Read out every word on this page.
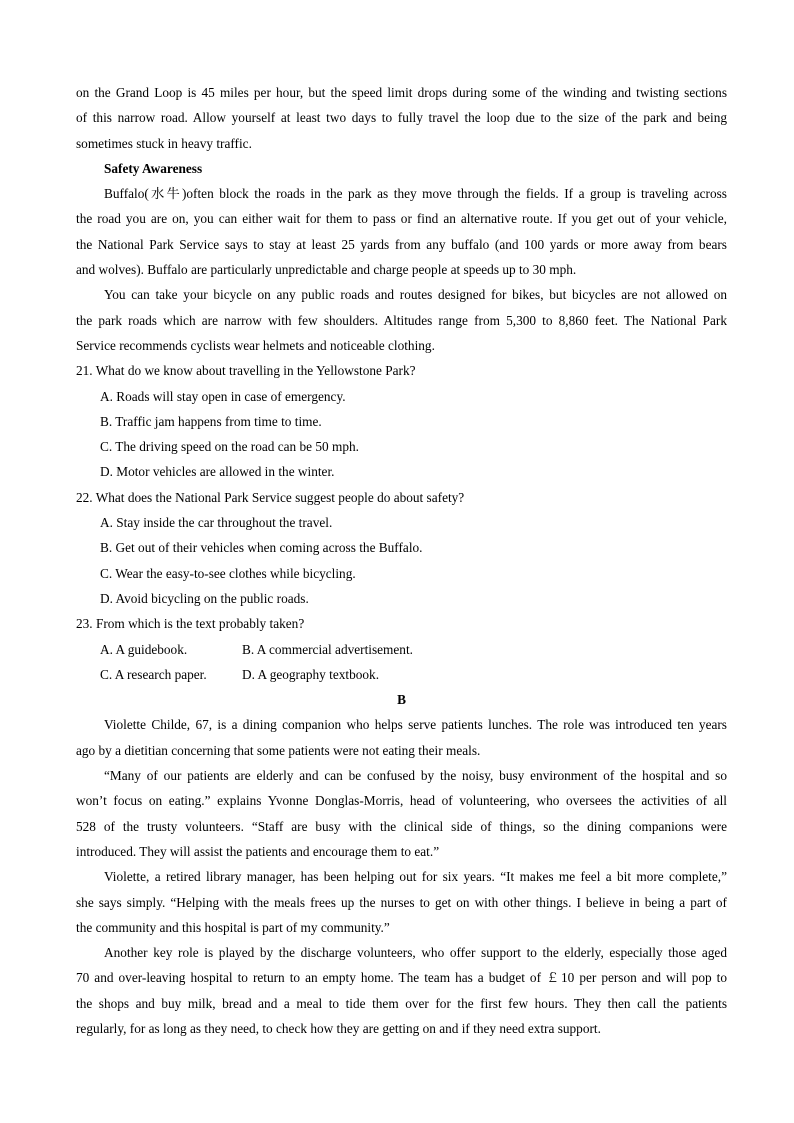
on the Grand Loop is 45 miles per hour, but the speed limit drops during some of the winding and twisting sections
of this narrow road. Allow yourself at least two days to fully travel the loop due to the size of the park and being
sometimes stuck in heavy traffic.

Safety Awareness

Buffalo(水牛)often block the roads in the park as they move through the fields. If a group is traveling across
the road you are on, you can either wait for them to pass or find an alternative route. If you get out of your vehicle,
the National Park Service says to stay at least 25 yards from any buffalo (and 100 yards or more away from bears
and wolves). Buffalo are particularly unpredictable and charge people at speeds up to 30 mph.
You can take your bicycle on any public roads and routes designed for bikes, but bicycles are not allowed on
the park roads which are narrow with few shoulders. Altitudes range from 5,300 to 8,860 feet. The National Park
Service recommends cyclists wear helmets and noticeable clothing.

21. What do we know about travelling in the Yellowstone Park?

A. Roads will stay open in case of emergency.

B. Traffic jam happens from time to time.

C. The driving speed on the road can be 50 mph.

D. Motor vehicles are allowed in the winter.

22. What does the National Park Service suggest people do about safety?

A. Stay inside the car throughout the travel.

B. Get out of their vehicles when coming across the Buffalo.

C. Wear the easy-to-see clothes while bicycling.

D. Avoid bicycling on the public roads.

23. From which is the text probably taken?

A. A guidebook.	B. A commercial advertisement.

C. A research paper.	D. A geography textbook.

B

Violette Childe, 67, is a dining companion who helps serve patients lunches. The role was introduced ten years
ago by a dietitian concerning that some patients were not eating their meals.
“Many of our patients are elderly and can be confused by the noisy, busy environment of the hospital and so
won’t focus on eating.” explains Yvonne Donglas-Morris, head of volunteering, who oversees the activities of all
528 of the trusty volunteers. “Staff are busy with the clinical side of things, so the dining companions were
introduced. They will assist the patients and encourage them to eat.”
Violette, a retired library manager, has been helping out for six years. “It makes me feel a bit more complete,”
she says simply. “Helping with the meals frees up the nurses to get on with other things. I believe in being a part of
the community and this hospital is part of my community.”
Another key role is played by the discharge volunteers, who offer support to the elderly, especially those aged
70 and over-leaving hospital to return to an empty home. The team has a budget of ￡10 per person and will pop to
the shops and buy milk, bread and a meal to tide them over for the first few hours. They then call the patients
regularly, for as long as they need, to check how they are getting on and if they need extra support.
